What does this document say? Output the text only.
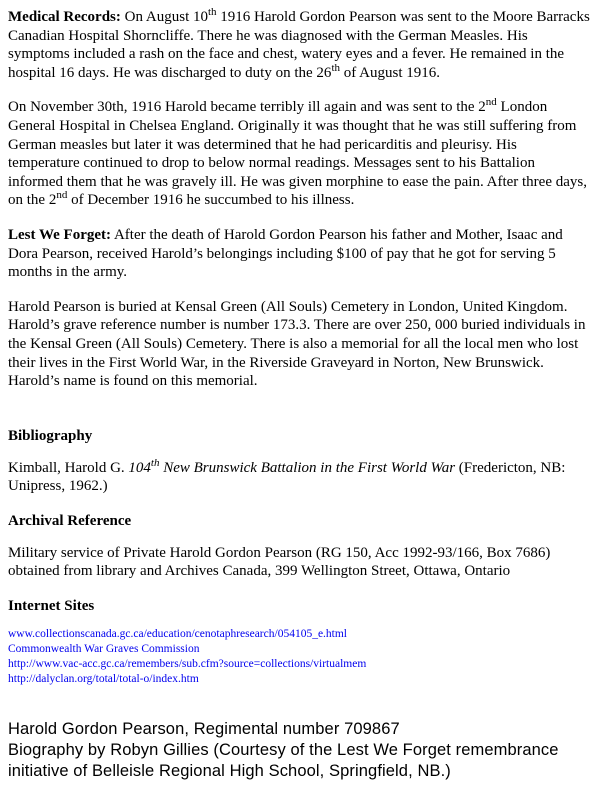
Medical Records: On August 10th 1916 Harold Gordon Pearson was sent to the Moore Barracks Canadian Hospital Shorncliffe. There he was diagnosed with the German Measles. His symptoms included a rash on the face and chest, watery eyes and a fever. He remained in the hospital 16 days. He was discharged to duty on the 26th of August 1916.

On November 30th, 1916 Harold became terribly ill again and was sent to the 2nd London General Hospital in Chelsea England. Originally it was thought that he was still suffering from German measles but later it was determined that he had pericarditis and pleurisy. His temperature continued to drop to below normal readings. Messages sent to his Battalion informed them that he was gravely ill. He was given morphine to ease the pain. After three days, on the 2nd of December 1916 he succumbed to his illness.

Lest We Forget: After the death of Harold Gordon Pearson his father and Mother, Isaac and Dora Pearson, received Harold’s belongings including $100 of pay that he got for serving 5 months in the army.

Harold Pearson is buried at Kensal Green (All Souls) Cemetery in London, United Kingdom. Harold’s grave reference number is number 173.3. There are over 250, 000 buried individuals in the Kensal Green (All Souls) Cemetery. There is also a memorial for all the local men who lost their lives in the First World War, in the Riverside Graveyard in Norton, New Brunswick. Harold’s name is found on this memorial.

Bibliography

Kimball, Harold G. 104th New Brunswick Battalion in the First World War (Fredericton, NB: Unipress, 1962.)

Archival Reference

Military service of Private Harold Gordon Pearson (RG 150, Acc 1992-93/166, Box 7686) obtained from library and Archives Canada, 399 Wellington Street, Ottawa, Ontario

Internet Sites

www.collectionscanada.gc.ca/education/cenotaphresearch/054105_e.html
Commonwealth War Graves Commission
http://www.vac-acc.gc.ca/remembers/sub.cfm?source=collections/virtualmem
http://dalyclan.org/total/total-o/index.htm
Harold Gordon Pearson, Regimental number 709867
Biography by Robyn Gillies (Courtesy of the Lest We Forget remembrance
initiative of Belleisle Regional High School, Springfield, NB.)
